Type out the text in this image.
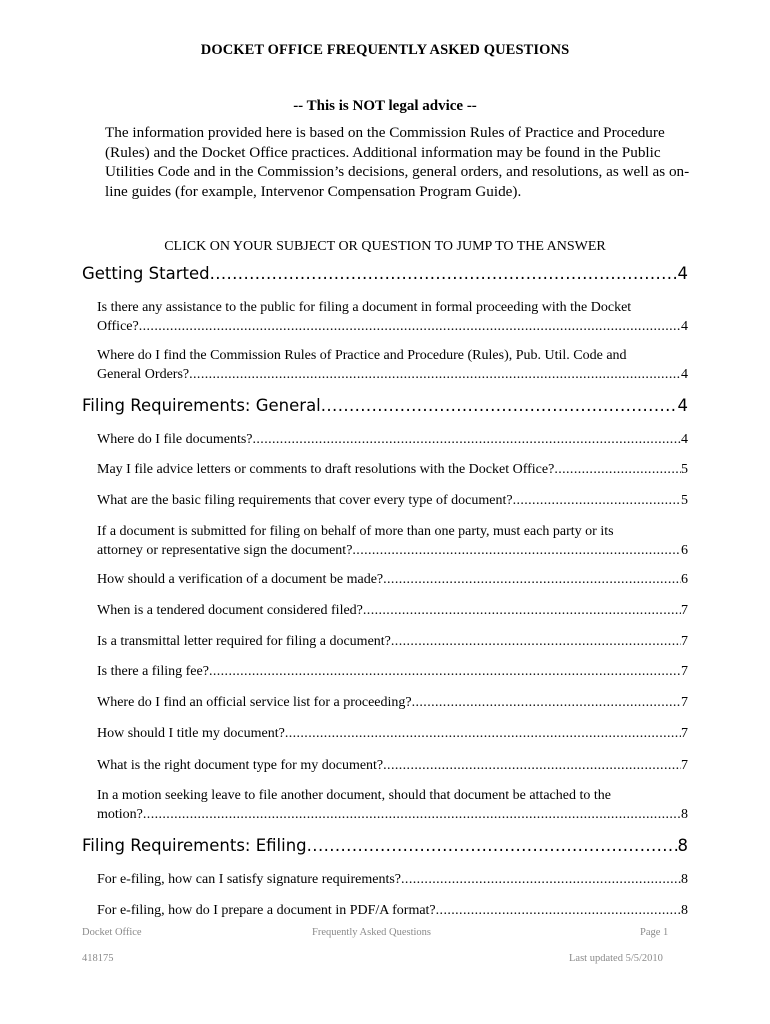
DOCKET OFFICE FREQUENTLY ASKED QUESTIONS
-- This is NOT legal advice --
The information provided here is based on the Commission Rules of Practice and Procedure (Rules) and the Docket Office practices. Additional information may be found in the Public Utilities Code and in the Commission’s decisions, general orders, and resolutions, as well as on-line guides (for example, Intervenor Compensation Program Guide).
CLICK ON YOUR SUBJECT OR QUESTION TO JUMP TO THE ANSWER
Getting Started .....	4
Is there any assistance to the public for filing a document in formal proceeding with the Docket
Office? .....	4
Where do I find the Commission Rules of Practice and Procedure (Rules), Pub. Util. Code and
General Orders? .....	4
Filing Requirements: General .....	4
Where do I file documents? .....	4
May I file advice letters or comments to draft resolutions with the Docket Office? .....	5
What are the basic filing requirements that cover every type of document? .....	5
If a document is submitted for filing on behalf of more than one party, must each party or its
attorney or representative sign the document? .....	6
How should a verification of a document be made? .....	6
When is a tendered document considered filed? .....	7
Is a transmittal letter required for filing a document? .....	7
Is there a filing fee? .....	7
Where do I find an official service list for a proceeding? .....	7
How should I title my document? .....	7
What is the right document type for my document? .....	7
In a motion seeking leave to file another document, should that document be attached to the
motion? .....	8
Filing Requirements: Efiling .....	8
For e-filing, how can I satisfy signature requirements? .....	8
For e-filing, how do I prepare a document in PDF/A format? .....	8
Docket Office	Frequently Asked Questions	Page 1
418175	Last updated 5/5/2010
